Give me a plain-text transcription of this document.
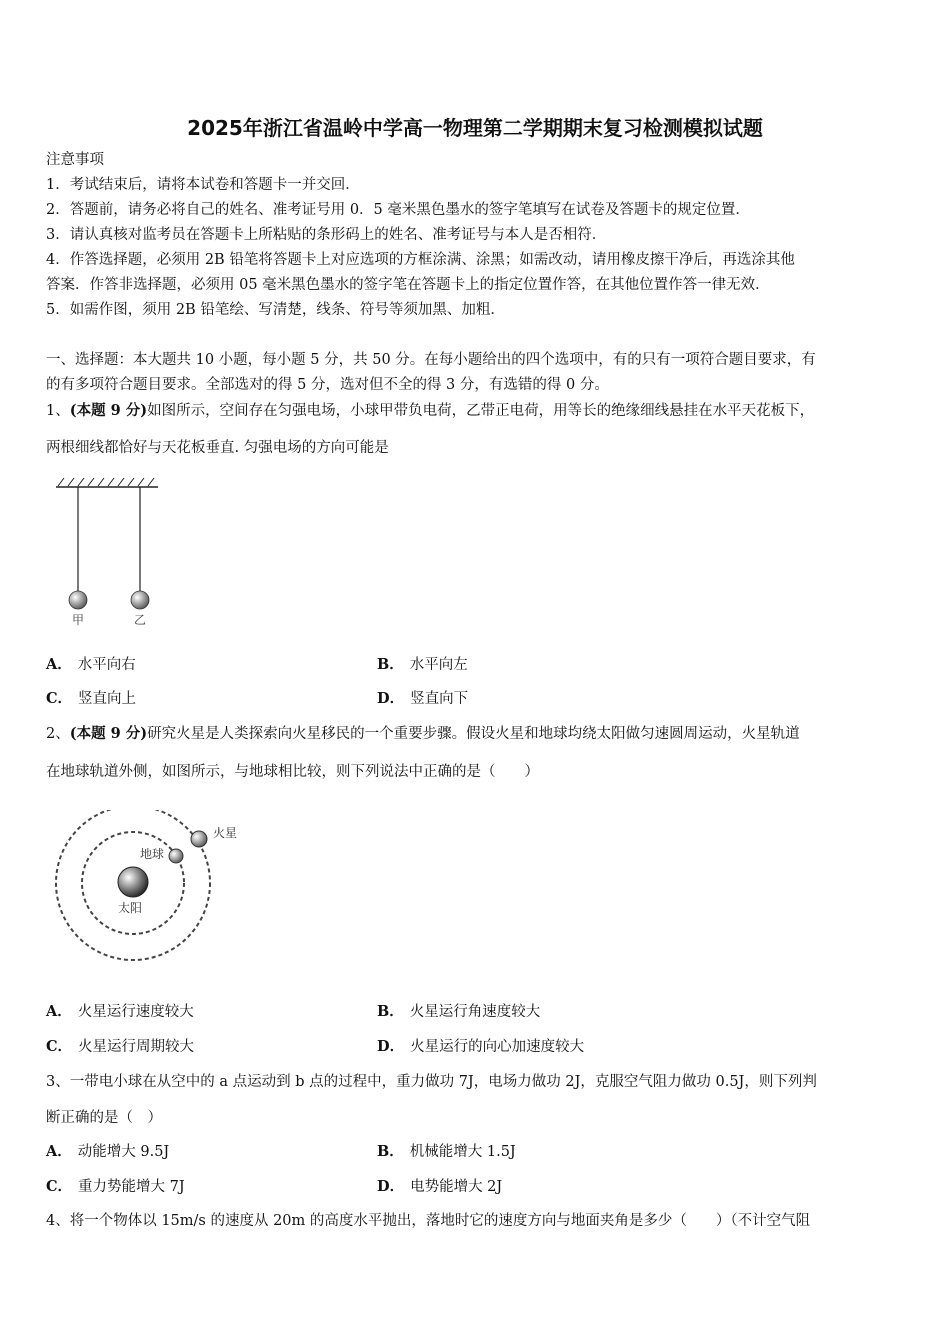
2025年浙江省温岭中学高一物理第二学期期末复习检测模拟试题
注意事项
1．考试结束后，请将本试卷和答题卡一并交回．
2．答题前，请务必将自己的姓名、准考证号用 0．5 毫米黑色墨水的签字笔填写在试卷及答题卡的规定位置．
3．请认真核对监考员在答题卡上所粘贴的条形码上的姓名、准考证号与本人是否相符．
4．作答选择题，必须用 2B 铅笔将答题卡上对应选项的方框涂满、涂黑；如需改动，请用橡皮擦干净后，再选涂其他
答案．作答非选择题，必须用 05 毫米黑色墨水的签字笔在答题卡上的指定位置作答，在其他位置作答一律无效．
5．如需作图，须用 2B 铅笔绘、写清楚，线条、符号等须加黑、加粗．
一、选择题：本大题共 10 小题，每小题 5 分，共 50 分。在每小题给出的四个选项中，有的只有一项符合题目要求，有
的有多项符合题目要求。全部选对的得 5 分，选对但不全的得 3 分，有选错的得 0 分。
1、(本题 9 分)如图所示，空间存在匀强电场，小球甲带负电荷，乙带正电荷，用等长的绝缘细线悬挂在水平天花板下，
两根细线都恰好与天花板垂直. 匀强电场的方向可能是
甲	乙
A． 水平向右	B． 水平向左
C． 竖直向上	D． 竖直向下
2、(本题 9 分)研究火星是人类探索向火星移民的一个重要步骤。假设火星和地球均绕太阳做匀速圆周运动，火星轨道
在地球轨道外侧，如图所示，与地球相比较，则下列说法中正确的是（　　）
太阳
地球
火星
A． 火星运行速度较大	B． 火星运行角速度较大
C． 火星运行周期较大	D． 火星运行的向心加速度较大
3、一带电小球在从空中的 a 点运动到 b 点的过程中，重力做功 7J，电场力做功 2J，克服空气阻力做功 0.5J，则下列判
断正确的是（　）
A． 动能增大 9.5J	B． 机械能增大 1.5J
C． 重力势能增大 7J	D． 电势能增大 2J
4、将一个物体以 15m/s 的速度从 20m 的高度水平抛出，落地时它的速度方向与地面夹角是多少（　　）（不计空气阻
